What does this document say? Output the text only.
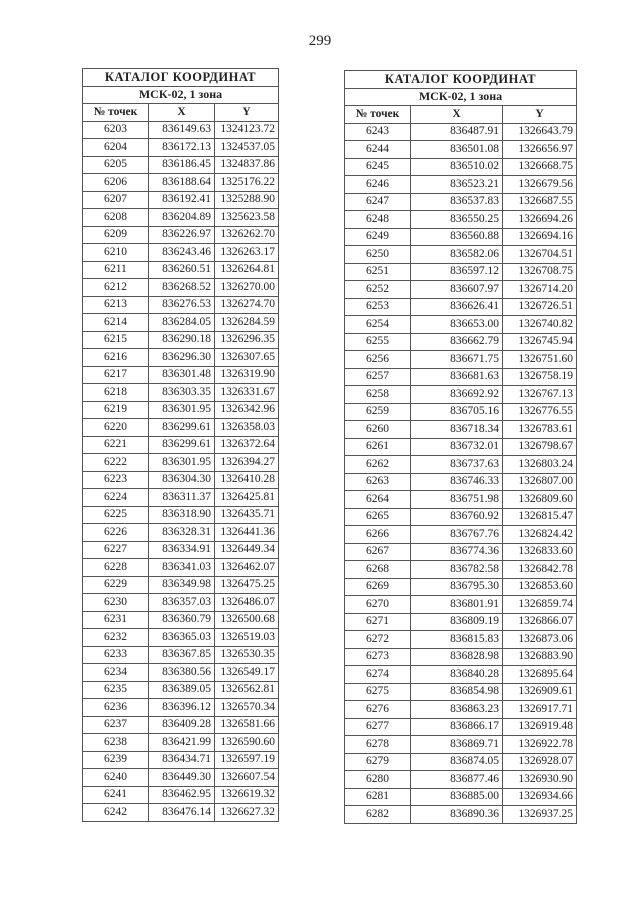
299
КАТАЛОГ КООРДИНАТ		
МСК-02, 1 зона		
№ точек	X	Y
6203	836149.63	1324123.72
6204	836172.13	1324537.05
6205	836186.45	1324837.86
6206	836188.64	1325176.22
6207	836192.41	1325288.90
6208	836204.89	1325623.58
6209	836226.97	1326262.70
6210	836243.46	1326263.17
6211	836260.51	1326264.81
6212	836268.52	1326270.00
6213	836276.53	1326274.70
6214	836284.05	1326284.59
6215	836290.18	1326296.35
6216	836296.30	1326307.65
6217	836301.48	1326319.90
6218	836303.35	1326331.67
6219	836301.95	1326342.96
6220	836299.61	1326358.03
6221	836299.61	1326372.64
6222	836301.95	1326394.27
6223	836304.30	1326410.28
6224	836311.37	1326425.81
6225	836318.90	1326435.71
6226	836328.31	1326441.36
6227	836334.91	1326449.34
6228	836341.03	1326462.07
6229	836349.98	1326475.25
6230	836357.03	1326486.07
6231	836360.79	1326500.68
6232	836365.03	1326519.03
6233	836367.85	1326530.35
6234	836380.56	1326549.17
6235	836389.05	1326562.81
6236	836396.12	1326570.34
6237	836409.28	1326581.66
6238	836421.99	1326590.60
6239	836434.71	1326597.19
6240	836449.30	1326607.54
6241	836462.95	1326619.32
6242	836476.14	1326627.32
КАТАЛОГ КООРДИНАТ		
МСК-02, 1 зона		
№ точек	X	Y
6243	836487.91	1326643.79
6244	836501.08	1326656.97
6245	836510.02	1326668.75
6246	836523.21	1326679.56
6247	836537.83	1326687.55
6248	836550.25	1326694.26
6249	836560.88	1326694.16
6250	836582.06	1326704.51
6251	836597.12	1326708.75
6252	836607.97	1326714.20
6253	836626.41	1326726.51
6254	836653.00	1326740.82
6255	836662.79	1326745.94
6256	836671.75	1326751.60
6257	836681.63	1326758.19
6258	836692.92	1326767.13
6259	836705.16	1326776.55
6260	836718.34	1326783.61
6261	836732.01	1326798.67
6262	836737.63	1326803.24
6263	836746.33	1326807.00
6264	836751.98	1326809.60
6265	836760.92	1326815.47
6266	836767.76	1326824.42
6267	836774.36	1326833.60
6268	836782.58	1326842.78
6269	836795.30	1326853.60
6270	836801.91	1326859.74
6271	836809.19	1326866.07
6272	836815.83	1326873.06
6273	836828.98	1326883.90
6274	836840.28	1326895.64
6275	836854.98	1326909.61
6276	836863.23	1326917.71
6277	836866.17	1326919.48
6278	836869.71	1326922.78
6279	836874.05	1326928.07
6280	836877.46	1326930.90
6281	836885.00	1326934.66
6282	836890.36	1326937.25
